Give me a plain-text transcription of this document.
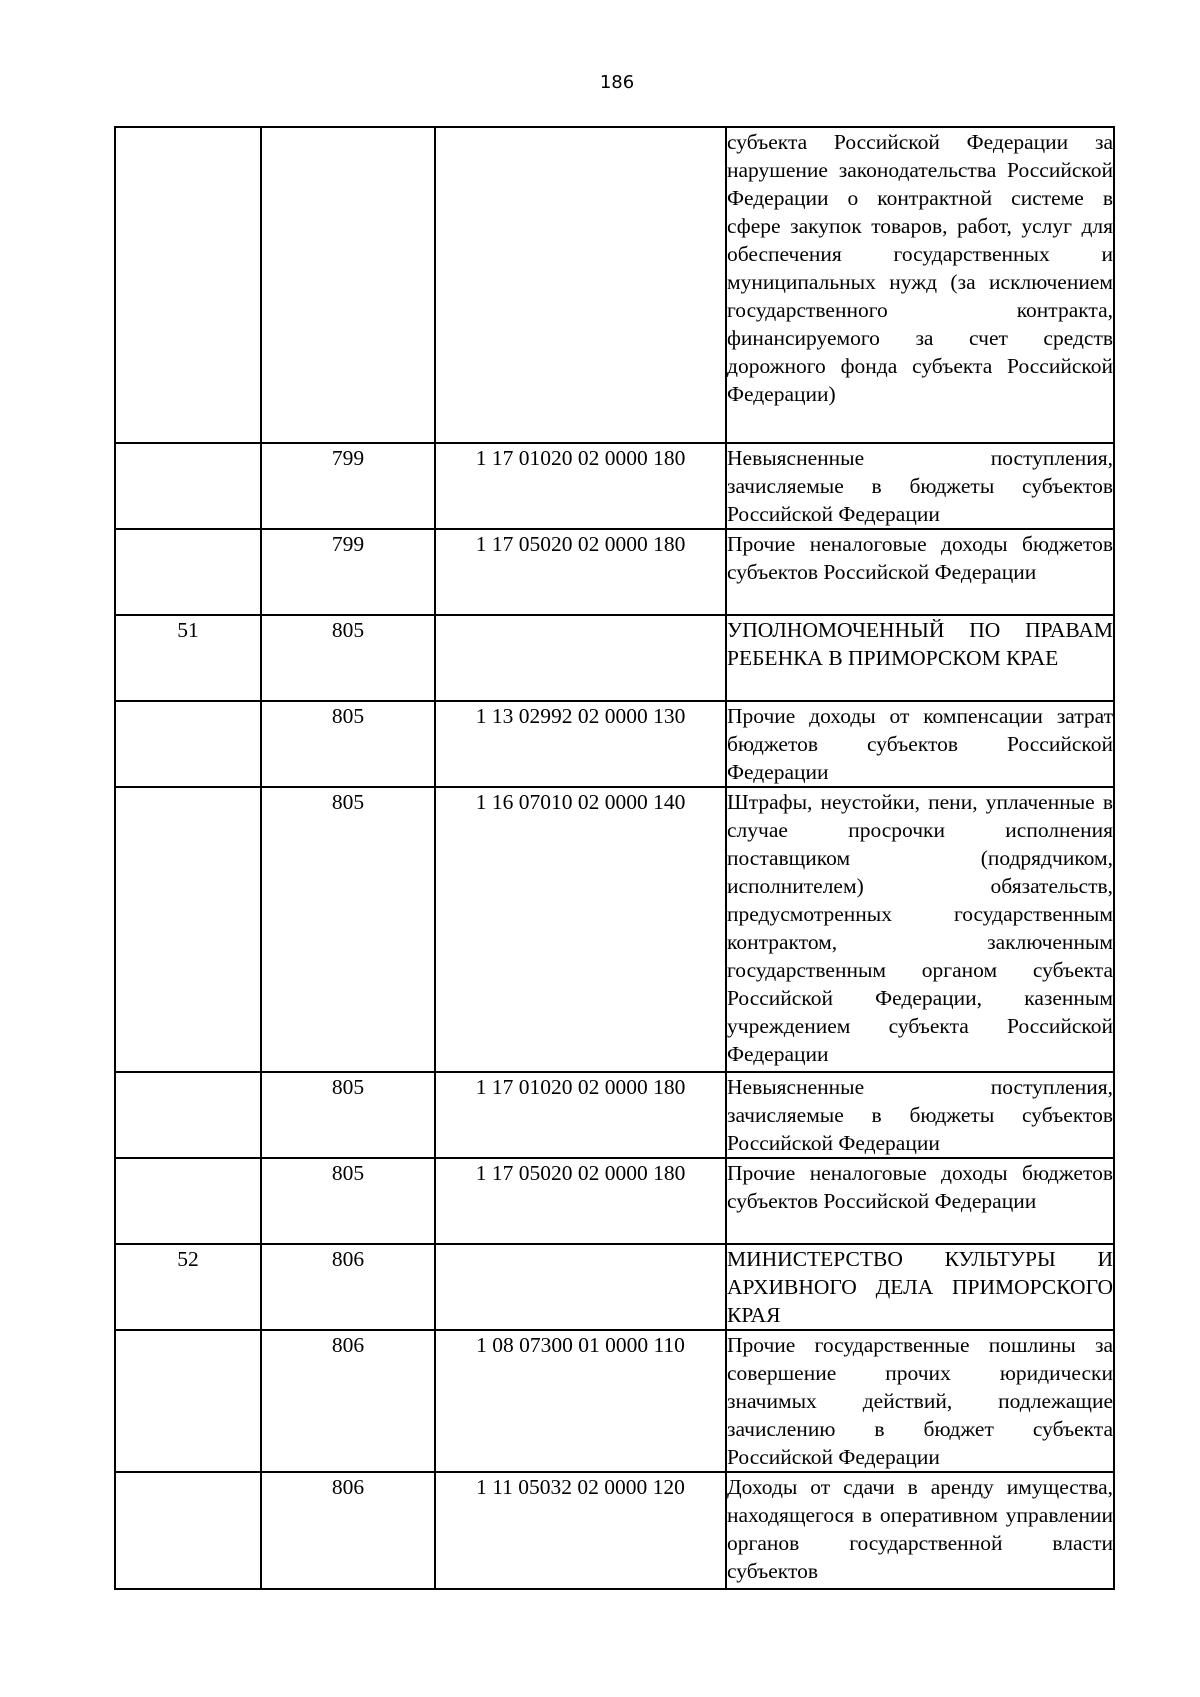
186
			субъекта Российской Федерации за нарушение законодательства Российской Федерации о контрактной системе в сфере закупок товаров, работ, услуг для обеспечения государственных и муниципальных нужд (за исключением государственного контракта, финансируемого за счет средств дорожного фонда субъекта Российской Федерации)
	799	1 17 01020 02 0000 180	Невыясненные поступления, зачисляемые в бюджеты субъектов Российской Федерации
	799	1 17 05020 02 0000 180	Прочие неналоговые доходы бюджетов субъектов Российской Федерации
51	805		УПОЛНОМОЧЕННЫЙ ПО ПРАВАМ РЕБЕНКА В ПРИМОРСКОМ КРАЕ
	805	1 13 02992 02 0000 130	Прочие доходы от компенсации затрат бюджетов субъектов Российской Федерации
	805	1 16 07010 02 0000 140	Штрафы, неустойки, пени, уплаченные в случае просрочки исполнения поставщиком (подрядчиком, исполнителем) обязательств, предусмотренных государственным контрактом, заключенным государственным органом субъекта Российской Федерации, казенным учреждением субъекта Российской Федерации
	805	1 17 01020 02 0000 180	Невыясненные поступления, зачисляемые в бюджеты субъектов Российской Федерации
	805	1 17 05020 02 0000 180	Прочие неналоговые доходы бюджетов субъектов Российской Федерации
52	806		МИНИСТЕРСТВО КУЛЬТУРЫ И АРХИВНОГО ДЕЛА ПРИМОРСКОГО КРАЯ
	806	1 08 07300 01 0000 110	Прочие государственные пошлины за совершение прочих юридически значимых действий, подлежащие зачислению в бюджет субъекта Российской Федерации
	806	1 11 05032 02 0000 120	Доходы от сдачи в аренду имущества, находящегося в оперативном управлении органов государственной власти субъектов
